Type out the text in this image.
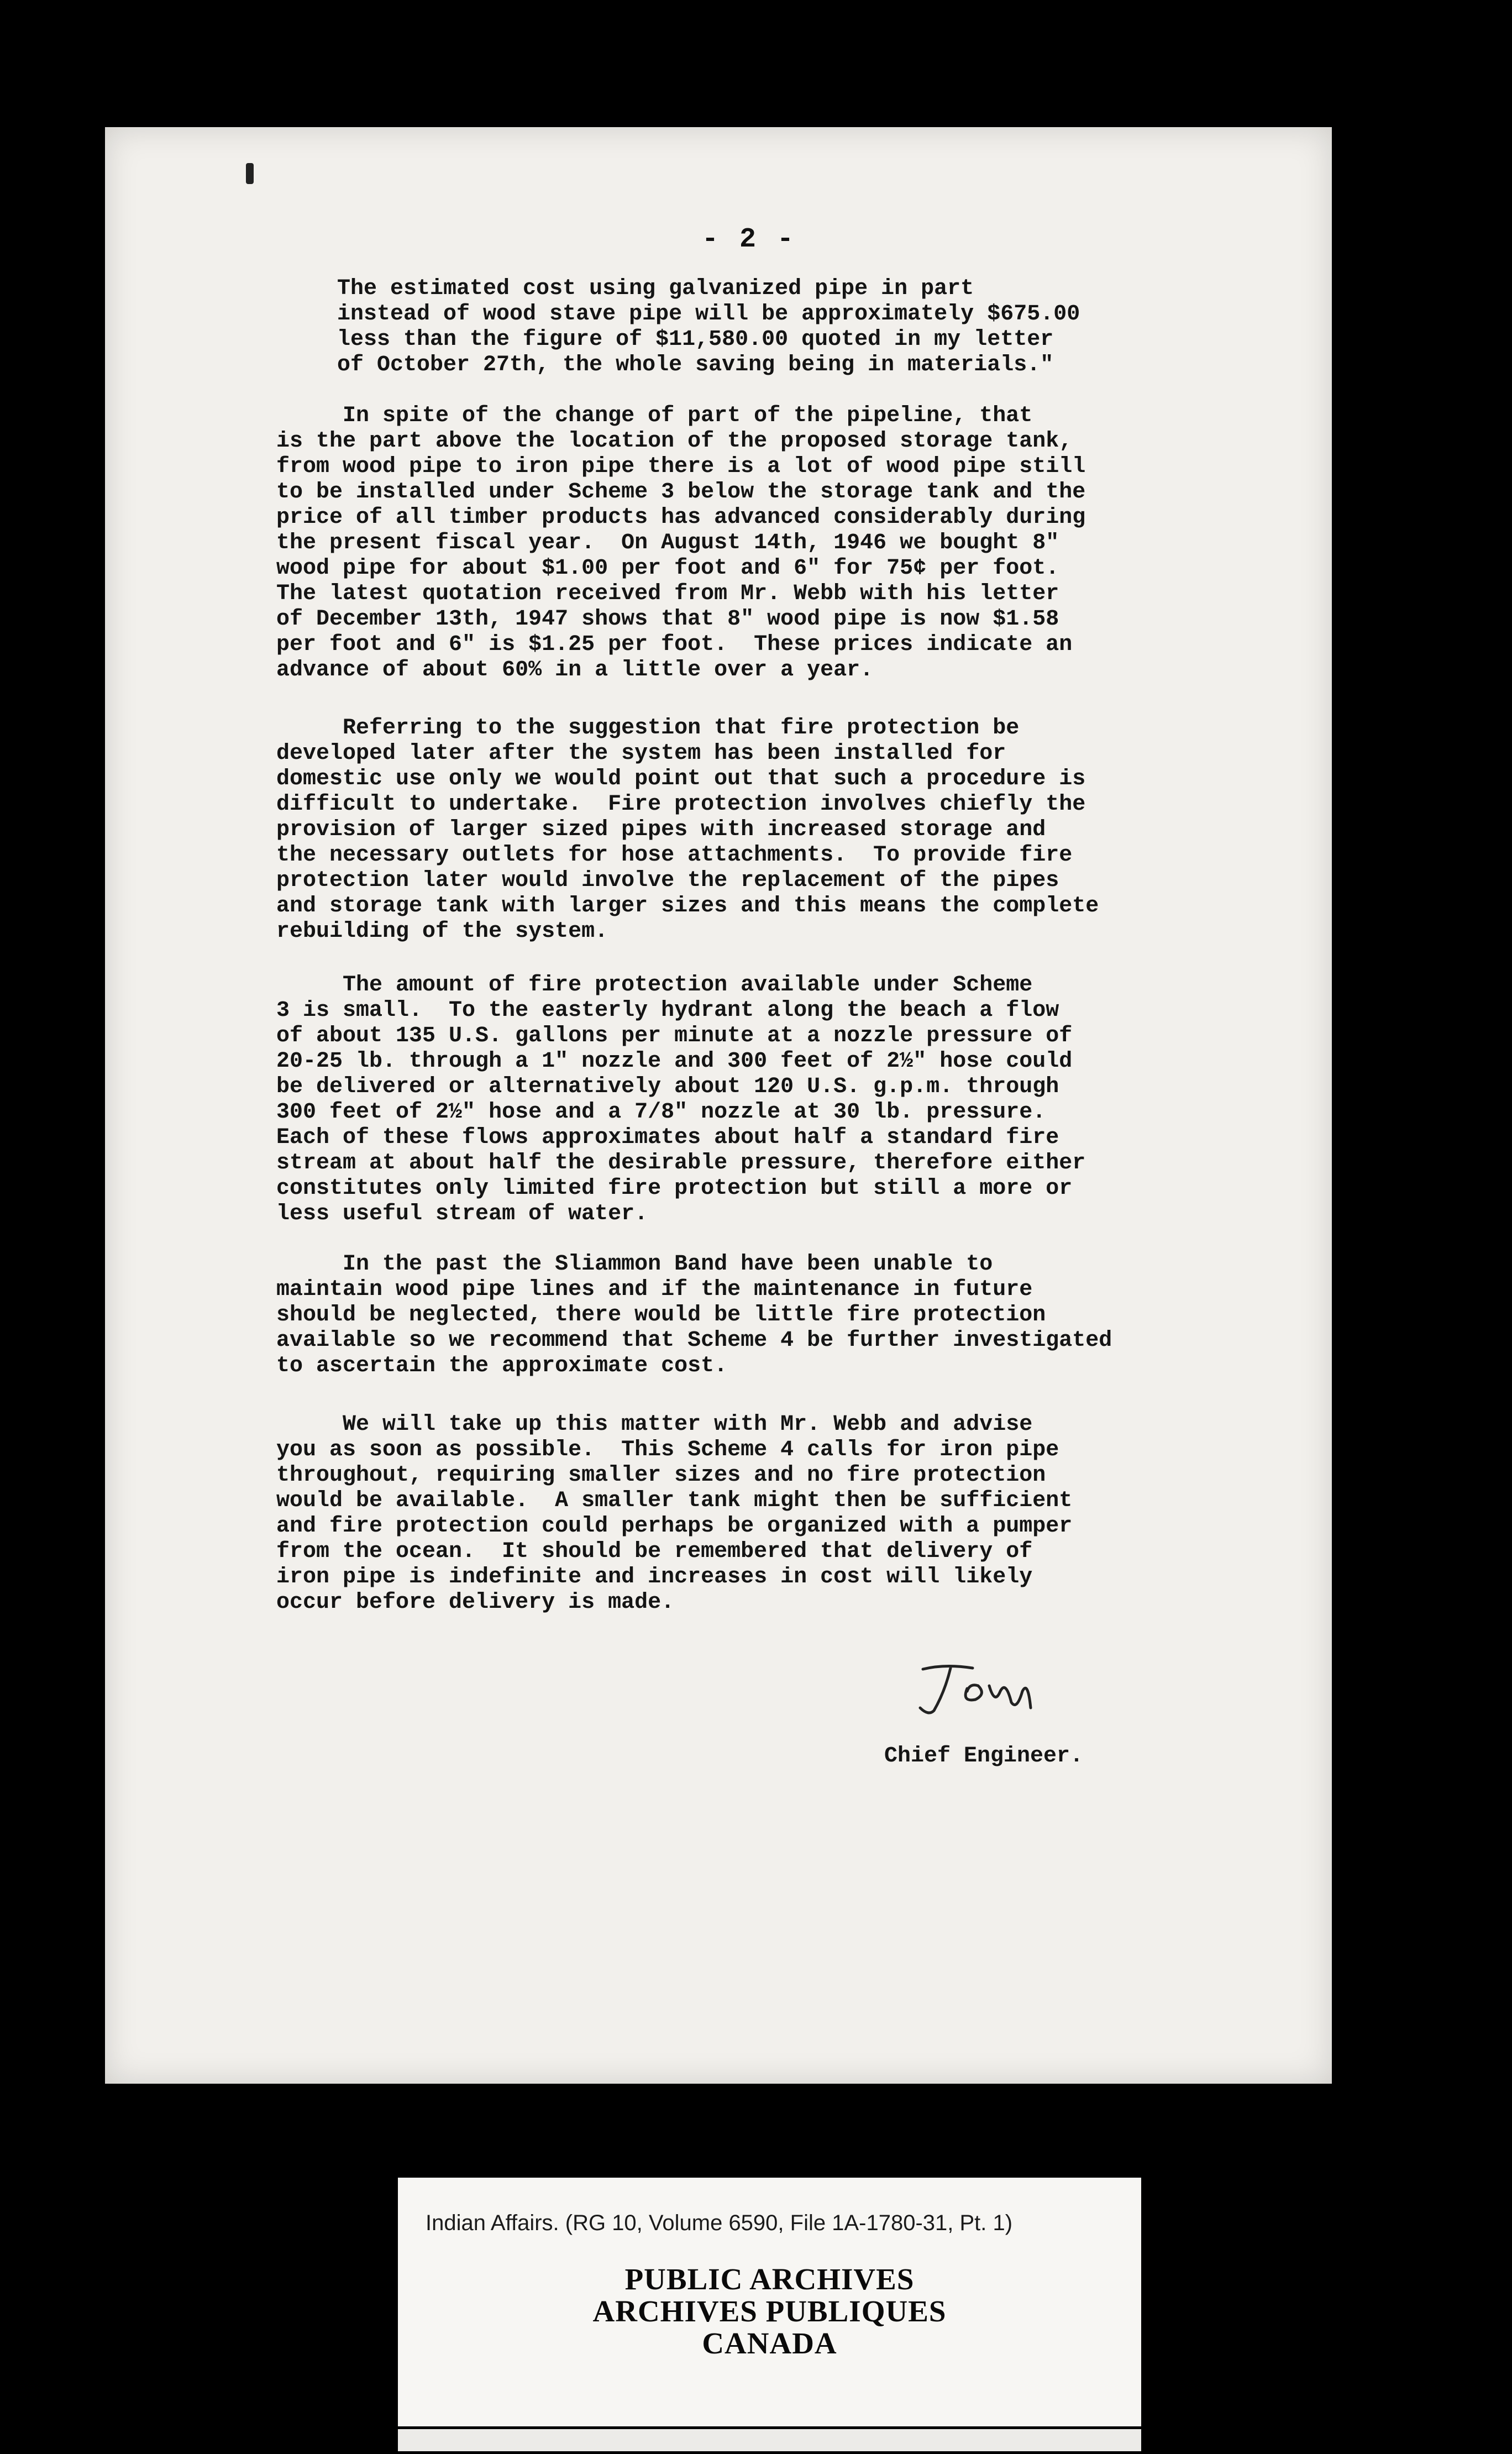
- 2 -
The estimated cost using galvanized pipe in part
instead of wood stave pipe will be approximately $675.00
less than the figure of $11,580.00 quoted in my letter
of October 27th, the whole saving being in materials."
In spite of the change of part of the pipeline, that
is the part above the location of the proposed storage tank,
from wood pipe to iron pipe there is a lot of wood pipe still
to be installed under Scheme 3 below the storage tank and the
price of all timber products has advanced considerably during
the present fiscal year.  On August 14th, 1946 we bought 8"
wood pipe for about $1.00 per foot and 6" for 75¢ per foot.
The latest quotation received from Mr. Webb with his letter
of December 13th, 1947 shows that 8" wood pipe is now $1.58
per foot and 6" is $1.25 per foot.  These prices indicate an
advance of about 60% in a little over a year.
Referring to the suggestion that fire protection be
developed later after the system has been installed for
domestic use only we would point out that such a procedure is
difficult to undertake.  Fire protection involves chiefly the
provision of larger sized pipes with increased storage and
the necessary outlets for hose attachments.  To provide fire
protection later would involve the replacement of the pipes
and storage tank with larger sizes and this means the complete
rebuilding of the system.
The amount of fire protection available under Scheme
3 is small.  To the easterly hydrant along the beach a flow
of about 135 U.S. gallons per minute at a nozzle pressure of
20-25 lb. through a 1" nozzle and 300 feet of 2½" hose could
be delivered or alternatively about 120 U.S. g.p.m. through
300 feet of 2½" hose and a 7/8" nozzle at 30 lb. pressure.
Each of these flows approximates about half a standard fire
stream at about half the desirable pressure, therefore either
constitutes only limited fire protection but still a more or
less useful stream of water.
In the past the Sliammon Band have been unable to
maintain wood pipe lines and if the maintenance in future
should be neglected, there would be little fire protection
available so we recommend that Scheme 4 be further investigated
to ascertain the approximate cost.
We will take up this matter with Mr. Webb and advise
you as soon as possible.  This Scheme 4 calls for iron pipe
throughout, requiring smaller sizes and no fire protection
would be available.  A smaller tank might then be sufficient
and fire protection could perhaps be organized with a pumper
from the ocean.  It should be remembered that delivery of
iron pipe is indefinite and increases in cost will likely
occur before delivery is made.
Chief Engineer.
Indian Affairs. (RG 10, Volume 6590, File 1A-1780-31, Pt. 1)
PUBLIC ARCHIVES
ARCHIVES PUBLIQUES
CANADA
